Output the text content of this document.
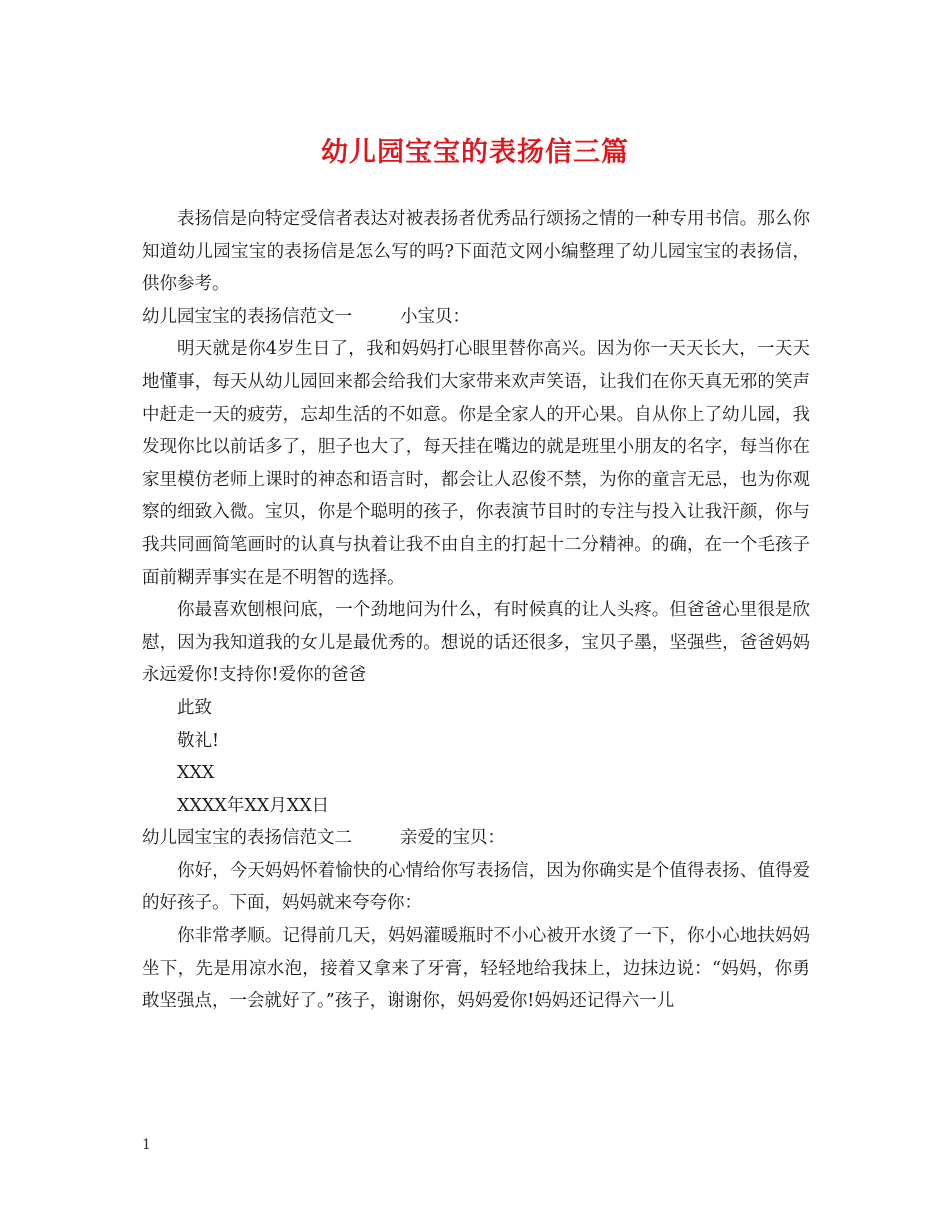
幼儿园宝宝的表扬信三篇

表扬信是向特定受信者表达对被表扬者优秀品行颂扬之情的一种专用书信。那么你知道幼儿园宝宝的表扬信是怎么写的吗?下面范文网小编整理了幼儿园宝宝的表扬信，供你参考。

幼儿园宝宝的表扬信范文一	小宝贝：

明天就是你4岁生日了，我和妈妈打心眼里替你高兴。因为你一天天长大，一天天地懂事，每天从幼儿园回来都会给我们大家带来欢声笑语，让我们在你天真无邪的笑声中赶走一天的疲劳，忘却生活的不如意。你是全家人的开心果。自从你上了幼儿园，我发现你比以前话多了，胆子也大了，每天挂在嘴边的就是班里小朋友的名字，每当你在家里模仿老师上课时的神态和语言时，都会让人忍俊不禁，为你的童言无忌，也为你观察的细致入微。宝贝，你是个聪明的孩子，你表演节目时的专注与投入让我汗颜，你与我共同画简笔画时的认真与执着让我不由自主的打起十二分精神。的确，在一个毛孩子面前糊弄事实在是不明智的选择。

你最喜欢刨根问底，一个劲地问为什么，有时候真的让人头疼。但爸爸心里很是欣慰，因为我知道我的女儿是最优秀的。想说的话还很多，宝贝子墨，坚强些，爸爸妈妈永远爱你!支持你!爱你的爸爸

此致

敬礼!

XXX

XXXX年XX月XX日

幼儿园宝宝的表扬信范文二	亲爱的宝贝：

你好，今天妈妈怀着愉快的心情给你写表扬信，因为你确实是个值得表扬、值得爱的好孩子。下面，妈妈就来夸夸你：

你非常孝顺。记得前几天，妈妈灌暖瓶时不小心被开水烫了一下，你小心地扶妈妈坐下，先是用凉水泡，接着又拿来了牙膏，轻轻地给我抹上，边抹边说：“妈妈，你勇敢坚强点，一会就好了。”孩子，谢谢你，妈妈爱你!妈妈还记得六一儿

1
